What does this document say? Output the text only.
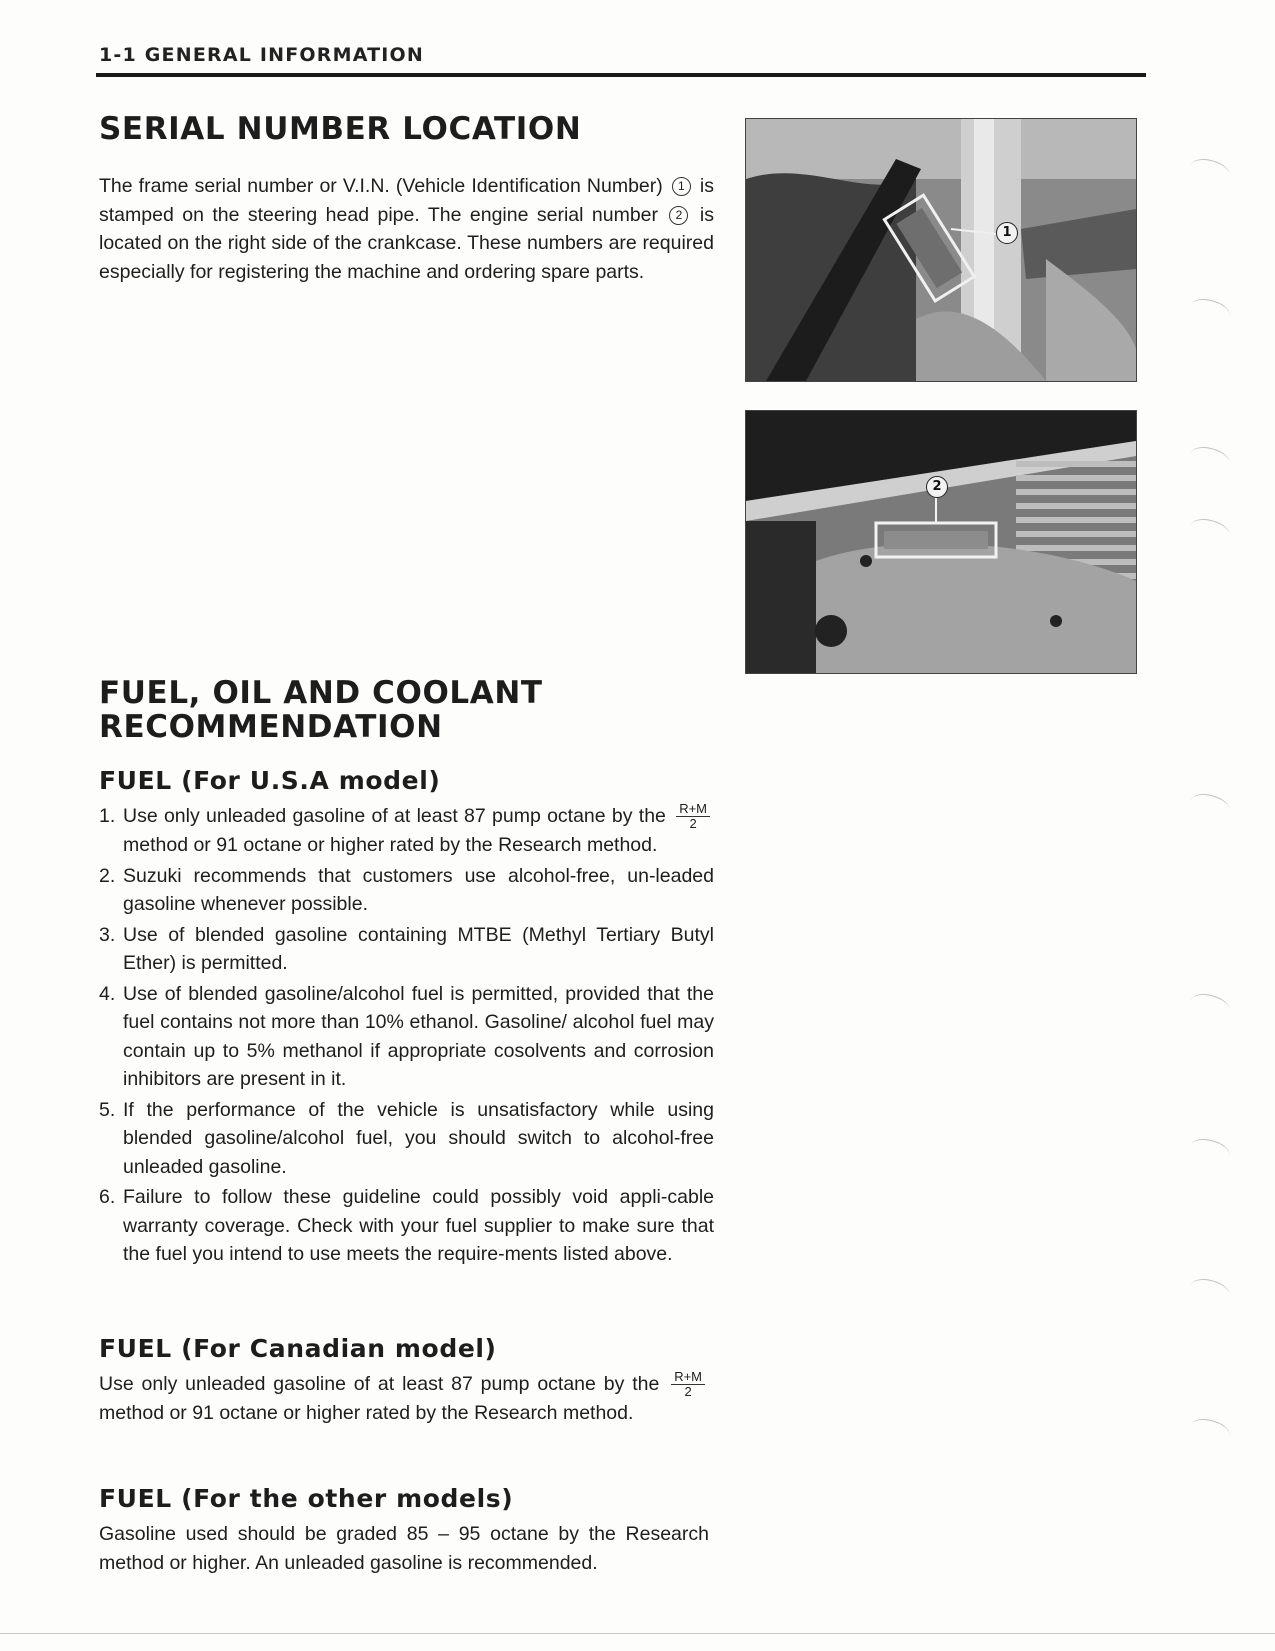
1-1 GENERAL INFORMATION
SERIAL NUMBER LOCATION

The frame serial number or V.I.N. (Vehicle Identification Number) 1 is stamped on the steering head pipe. The engine serial number 2 is located on the right side of the crankcase. These numbers are required especially for registering the machine and ordering spare parts.

1
2
FUEL, OIL AND COOLANT
RECOMMENDATION
FUEL (For U.S.A model)
1. Use only unleaded gasoline of at least 87 pump octane by the $\frac{R+M}{2}$
method or 91 octane or higher rated by the Research method.
2. Suzuki recommends that customers use alcohol-free, un-leaded gasoline whenever possible.
3. Use of blended gasoline containing MTBE (Methyl Tertiary Butyl Ether) is permitted.
4. Use of blended gasoline/alcohol fuel is permitted, provided that the fuel contains not more than 10% ethanol. Gasoline/ alcohol fuel may contain up to 5% methanol if appropriate cosolvents and corrosion inhibitors are present in it.
5. If the performance of the vehicle is unsatisfactory while using blended gasoline/alcohol fuel, you should switch to alcohol-free unleaded gasoline.
6. Failure to follow these guideline could possibly void appli-cable warranty coverage. Check with your fuel supplier to make sure that the fuel you intend to use meets the require-ments listed above.
FUEL (For Canadian model)

Use only unleaded gasoline of at least 87 pump octane by the $\frac{R+M}{2}$
method or 91 octane or higher rated by the Research method.

FUEL (For the other models)

Gasoline used should be graded 85 – 95 octane by the Research method or higher. An unleaded gasoline is recommended.
